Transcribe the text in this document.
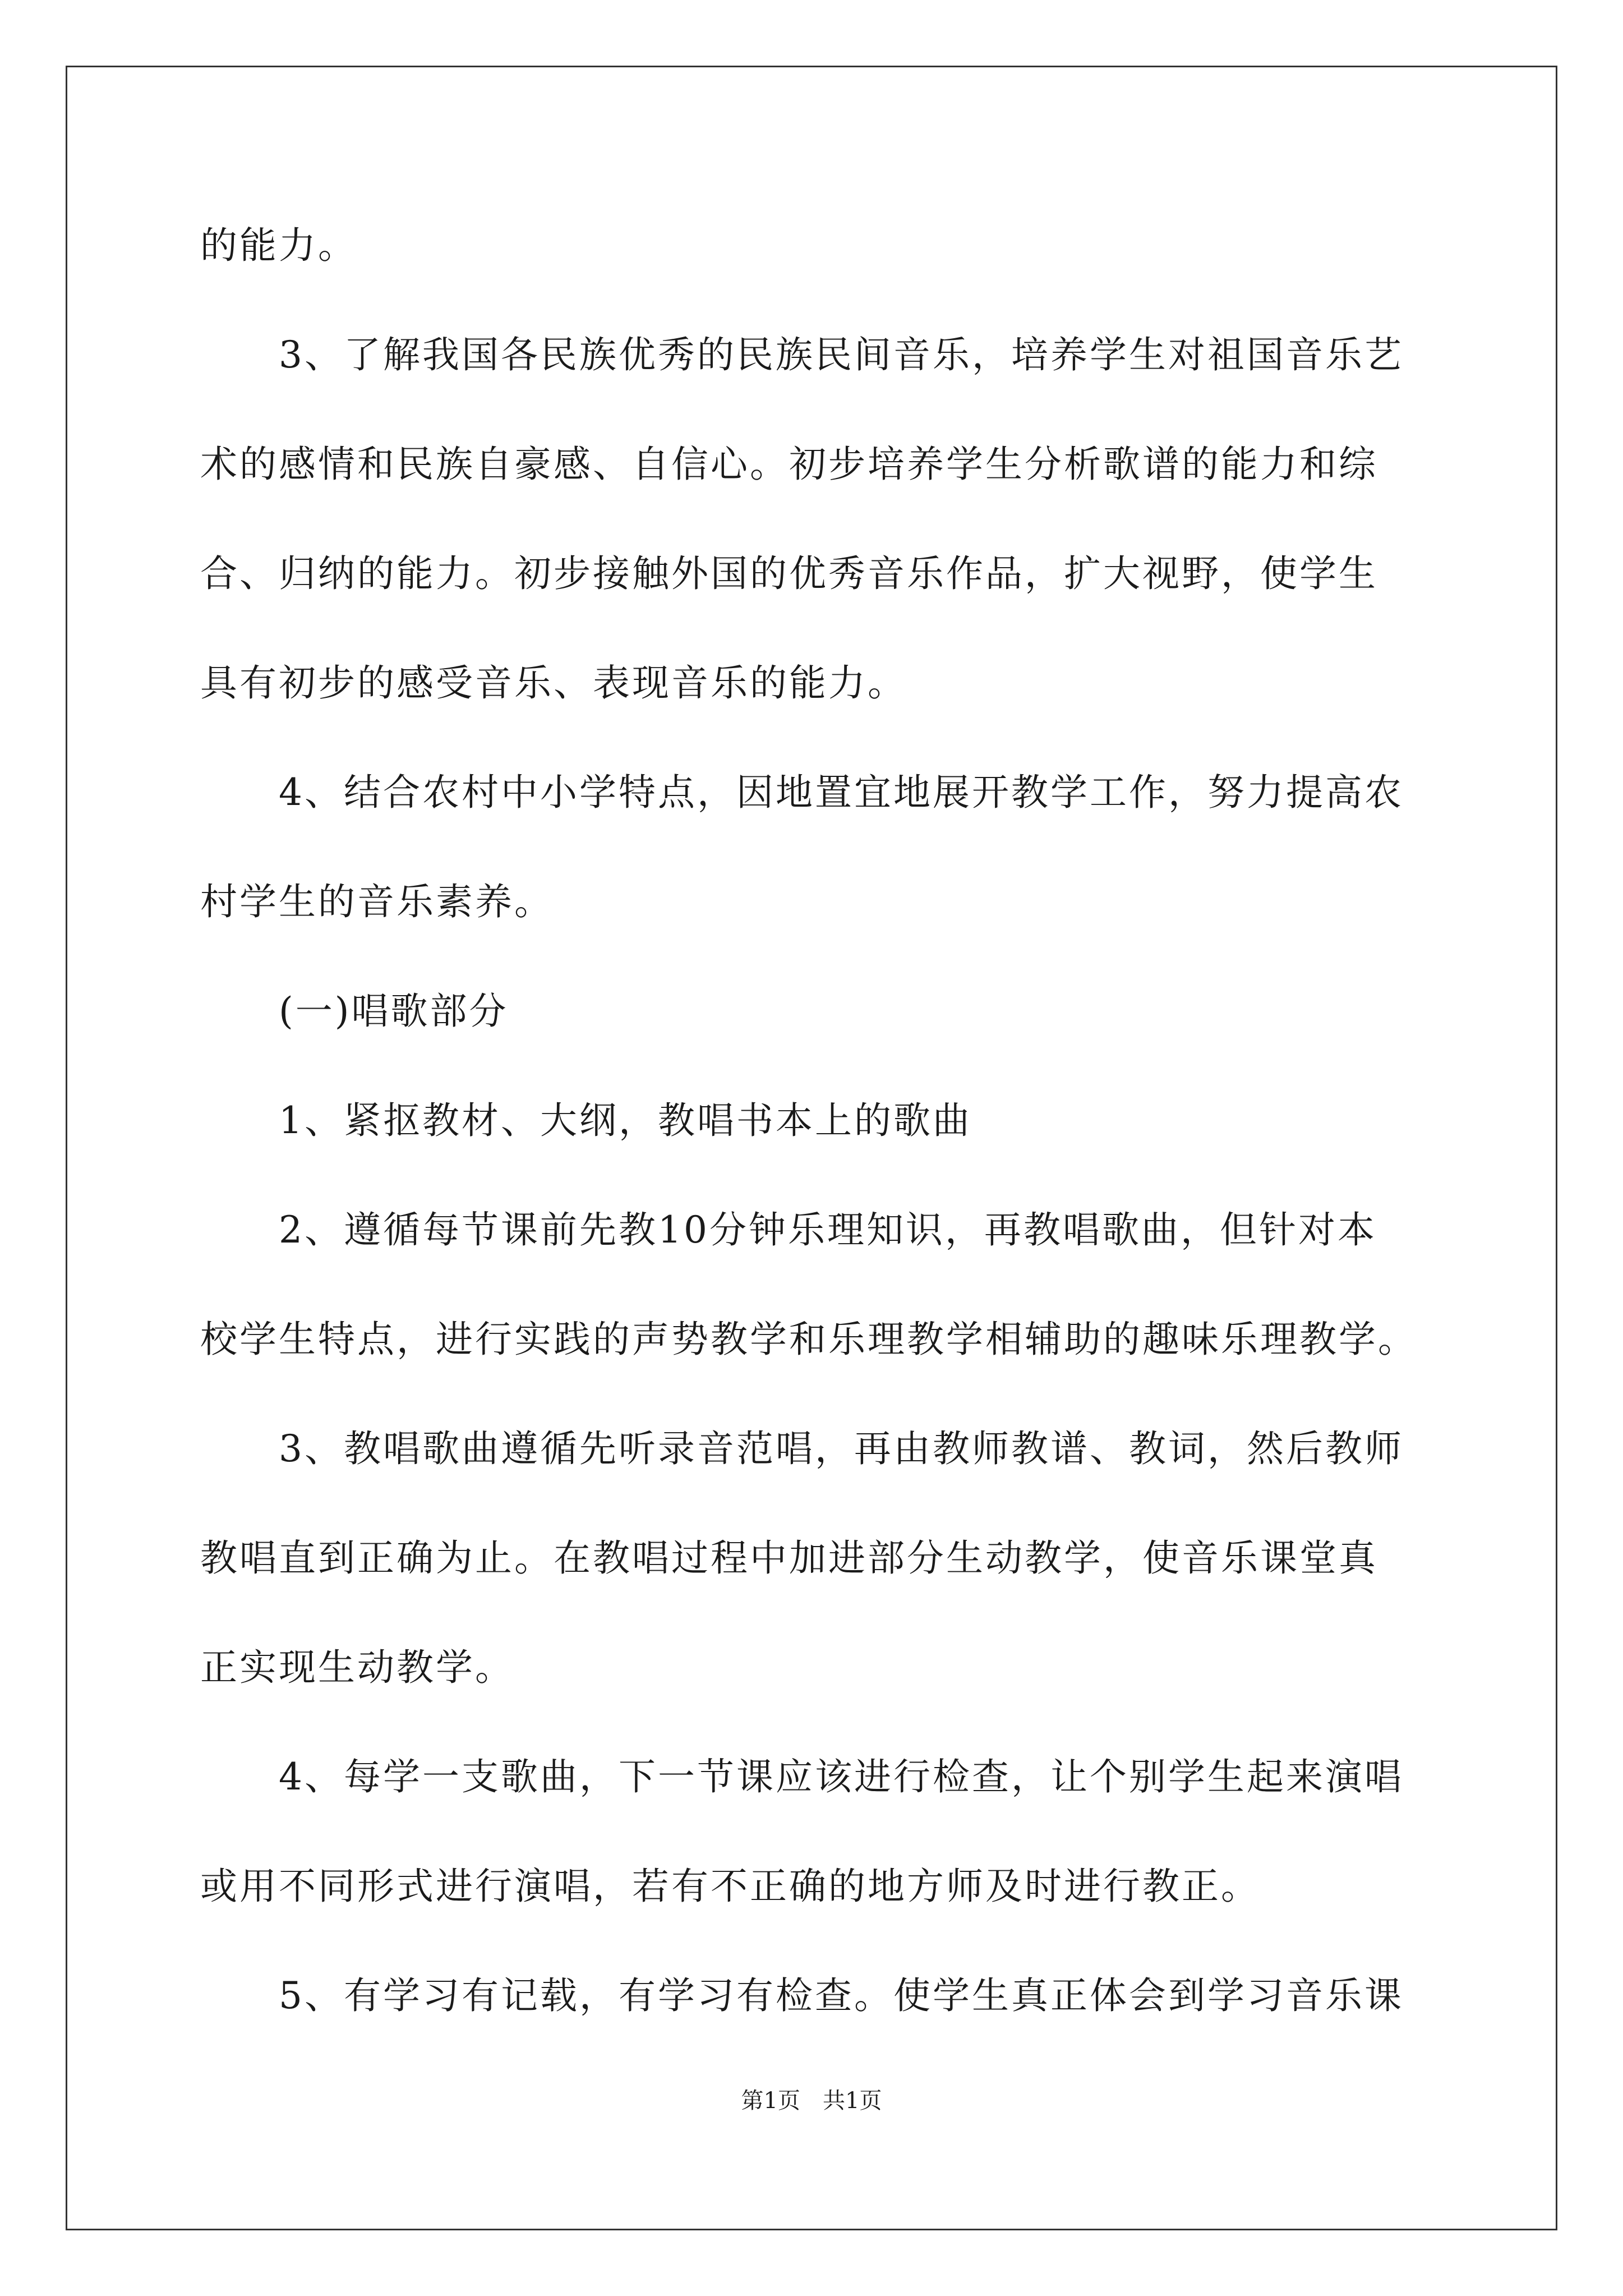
的能力。
　　3、了解我国各民族优秀的民族民间音乐，培养学生对祖国音乐艺
术的感情和民族自豪感、自信心。初步培养学生分析歌谱的能力和综
合、归纳的能力。初步接触外国的优秀音乐作品，扩大视野，使学生
具有初步的感受音乐、表现音乐的能力。
　　4、结合农村中小学特点，因地置宜地展开教学工作，努力提高农
村学生的音乐素养。
　　(一)唱歌部分
　　1、紧抠教材、大纲，教唱书本上的歌曲
　　2、遵循每节课前先教10分钟乐理知识，再教唱歌曲，但针对本
校学生特点，进行实践的声势教学和乐理教学相辅助的趣味乐理教学。
　　3、教唱歌曲遵循先听录音范唱，再由教师教谱、教词，然后教师
教唱直到正确为止。在教唱过程中加进部分生动教学，使音乐课堂真
正实现生动教学。
　　4、每学一支歌曲，下一节课应该进行检查，让个别学生起来演唱
或用不同形式进行演唱，若有不正确的地方师及时进行教正。
　　5、有学习有记载，有学习有检查。使学生真正体会到学习音乐课
第1页　共1页
